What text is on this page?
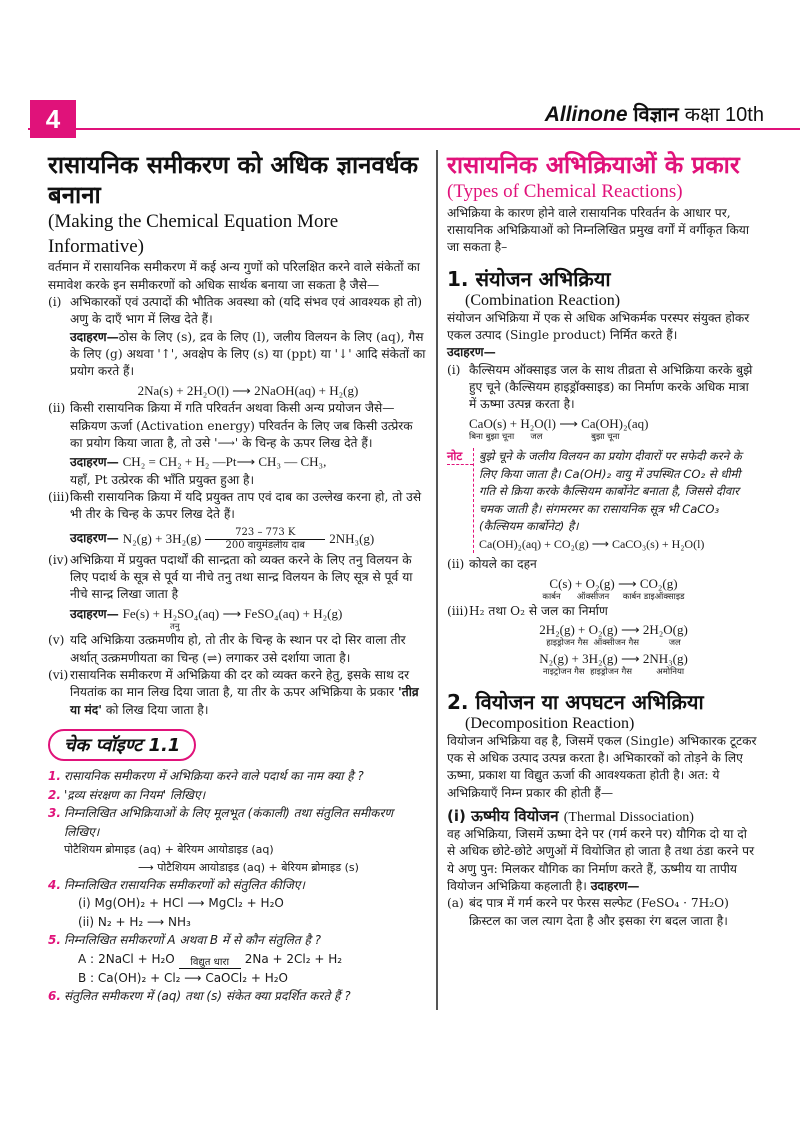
4	Allinone विज्ञान कक्षा 10th
रासायनिक समीकरण को अधिक ज्ञानवर्धक बनाना
(Making the Chemical Equation More Informative)

वर्तमान में रासायनिक समीकरण में कई अन्य गुणों को परिलक्षित करने वाले संकेतों का समावेश करके इन समीकरणों को अधिक सार्थक बनाया जा सकता है जैसे—

(i) अभिकारकों एवं उत्पादों की भौतिक अवस्था को (यदि संभव एवं आवश्यक हो तो) अणु के दाएँ भाग में लिख देते हैं।

उदाहरण—ठोस के लिए (s), द्रव के लिए (l), जलीय विलयन के लिए (aq), गैस के लिए (g) अथवा '↑', अवक्षेप के लिए (s) या (ppt) या '↓' आदि संकेतों का प्रयोग करते हैं।

2Na(s) + 2H₂O(l) ⟶ 2NaOH(aq) + H₂(g)
(ii) किसी रासायनिक क्रिया में गति परिवर्तन अथवा किसी अन्य प्रयोजन जैसे—सक्रियण ऊर्जा (Activation energy) परिवर्तन के लिए जब किसी उत्प्रेरक का प्रयोग किया जाता है, तो उसे '⟶' के चिन्ह के ऊपर लिख देते हैं।

उदाहरण— CH₂ = CH₂ + H₂ —Pt⟶ CH₃ — CH₃,

यहाँ, Pt उत्प्रेरक की भाँति प्रयुक्त हुआ है।

(iii) किसी रासायनिक क्रिया में यदि प्रयुक्त ताप एवं दाब का उल्लेख करना हो, तो उसे भी तीर के चिन्ह के ऊपर लिख देते हैं।

उदाहरण— N₂(g) + 3H₂(g)	723 – 773 K
200 वायुमंडलीय दाब 2NH₃(g)
(iv) अभिक्रिया में प्रयुक्त पदार्थों की सान्द्रता को व्यक्त करने के लिए तनु विलयन के लिए पदार्थ के सूत्र से पूर्व या नीचे तनु तथा सान्द्र विलयन के लिए सूत्र से पूर्व या नीचे सान्द्र लिखा जाता है

उदाहरण— Fe(s) + H₂SO₄(aq) ⟶ FeSO₄(aq) + H₂(g)
तनु
(v) यदि अभिक्रिया उत्क्रमणीय हो, तो तीर के चिन्ह के स्थान पर दो सिर वाला तीर अर्थात् उत्क्रमणीयता का चिन्ह (⇌) लगाकर उसे दर्शाया जाता है।

(vi) रासायनिक समीकरण में अभिक्रिया की दर को व्यक्त करने हेतु, इसके साथ दर नियतांक का मान लिख दिया जाता है, या तीर के ऊपर अभिक्रिया के प्रकार 'तीव्र या मंद' को लिख दिया जाता है।

चेक प्वॉइण्ट 1.1
1. रासायनिक समीकरण में अभिक्रिया करने वाले पदार्थ का नाम क्या है ?
2. 'द्रव्य संरक्षण का नियम' लिखिए।
3. निम्नलिखित अभिक्रियाओं के लिए मूलभूत (कंकाली) तथा संतुलित समीकरण लिखिए।
पोटैशियम ब्रोमाइड (aq) + बेरियम आयोडाइड (aq)
⟶ पोटैशियम आयोडाइड (aq) + बेरियम ब्रोमाइड (s)
4. निम्नलिखित रासायनिक समीकरणों को संतुलित कीजिए।
(i) Mg(OH)₂ + HCl ⟶ MgCl₂ + H₂O
(ii) N₂ + H₂ ⟶ NH₃
5. निम्नलिखित समीकरणों A अथवा B में से कौन संतुलित है ?
A : 2NaCl + H₂O विद्युत धारा 2Na + 2Cl₂ + H₂
B : Ca(OH)₂ + Cl₂ ⟶ CaOCl₂ + H₂O
6. संतुलित समीकरण में (aq) तथा (s) संकेत क्या प्रदर्शित करते हैं ?
रासायनिक अभिक्रियाओं के प्रकार
(Types of Chemical Reactions)

अभिक्रिया के कारण होने वाले रासायनिक परिवर्तन के आधार पर, रासायनिक अभिक्रियाओं को निम्नलिखित प्रमुख वर्गों में वर्गीकृत किया जा सकता है–

1. संयोजन अभिक्रिया
(Combination Reaction)

संयोजन अभिक्रिया में एक से अधिक अभिकर्मक परस्पर संयुक्त होकर एकल उत्पाद (Single product) निर्मित करते हैं।

उदाहरण—

(i) कैल्सियम ऑक्साइड जल के साथ तीव्रता से अभिक्रिया करके बुझे हुए चूने (कैल्सियम हाइड्रॉक्साइड) का निर्माण करके अधिक मात्रा में ऊष्मा उत्पन्न करता है।

CaO(s) + H₂O(l) ⟶ Ca(OH)₂(aq)
बिना बुझा चूना      जल                  बुझा चूना
नोट	बुझे चूने के जलीय विलयन का प्रयोग दीवारों पर सफेदी करने के लिए किया जाता है। Ca(OH)₂ वायु में उपस्थित CO₂ से धीमी गति से क्रिया करके कैल्सियम कार्बोनेट बनाता है, जिससे दीवार चमक जाती है। संगमरमर का रासायनिक सूत्र भी CaCO₃ (कैल्सियम कार्बोनेट) है।
Ca(OH)₂(aq) + CO₂(g) ⟶ CaCO₃(s) + H₂O(l)
(ii) कोयले का दहन

C(s) + O₂(g) ⟶ CO₂(g)
कार्बन      ऑक्सीजन     कार्बन डाइऑक्साइड
(iii) H₂ तथा O₂ से जल का निर्माण

2H₂(g) + O₂(g) ⟶ 2H₂O(g)
हाइड्रोजन गैस  ऑक्सीजन गैस           जल
N₂(g) + 3H₂(g) ⟶ 2NH₃(g)
नाइट्रोजन गैस  हाइड्रोजन गैस         अमोनिया
2. वियोजन या अपघटन अभिक्रिया
(Decomposition Reaction)

वियोजन अभिक्रिया वह है, जिसमें एकल (Single) अभिकारक टूटकर एक से अधिक उत्पाद उत्पन्न करता है। अभिकारकों को तोड़ने के लिए ऊष्मा, प्रकाश या विद्युत ऊर्जा की आवश्यकता होती है। अत: ये अभिक्रियाएँ निम्न प्रकार की होती हैं—

(i) ऊष्मीय वियोजन (Thermal Dissociation)

वह अभिक्रिया, जिसमें ऊष्मा देने पर (गर्म करने पर) यौगिक दो या दो से अधिक छोटे-छोटे अणुओं में वियोजित हो जाता है तथा ठंडा करने पर ये अणु पुन: मिलकर यौगिक का निर्माण करते हैं, ऊष्मीय या तापीय वियोजन अभिक्रिया कहलाती है। उदाहरण—

(a) बंद पात्र में गर्म करने पर फेरस सल्फेट (FeSO₄ · 7H₂O) क्रिस्टल का जल त्याग देता है और इसका रंग बदल जाता है।
